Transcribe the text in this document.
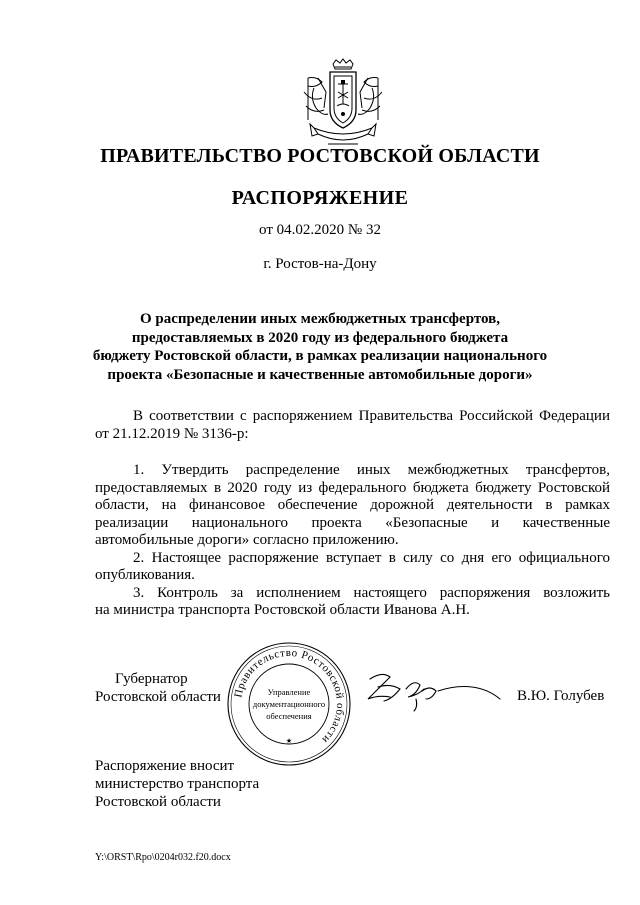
ПРАВИТЕЛЬСТВО РОСТОВСКОЙ ОБЛАСТИ
РАСПОРЯЖЕНИЕ
от 04.02.2020 № 32
г. Ростов-на-Дону
О распределении иных межбюджетных трансфертов,
предоставляемых в 2020 году из федерального бюджета
бюджету Ростовской области, в рамках реализации национального
проекта «Безопасные и качественные автомобильные дороги»
В соответствии с распоряжением Правительства Российской Федерации
от 21.12.2019 № 3136-р:
1. Утвердить распределение иных межбюджетных трансфертов,
предоставляемых в 2020 году из федерального бюджета бюджету Ростовской
области, на финансовое обеспечение дорожной деятельности в рамках
реализации национального проекта «Безопасные и качественные
автомобильные дороги» согласно приложению.
2. Настоящее распоряжение вступает в силу со дня его официального
опубликования.
3. Контроль за исполнением настоящего распоряжения возложить
на министра транспорта Ростовской области Иванова А.Н.
Губернатор
Ростовской области Правительство Ростовской области
★
Управление
документационного
обеспечения
В.Ю. Голубев
Распоряжение вносит
министерство транспорта
Ростовской области
Y:\ORST\Rpo\0204r032.f20.docx
